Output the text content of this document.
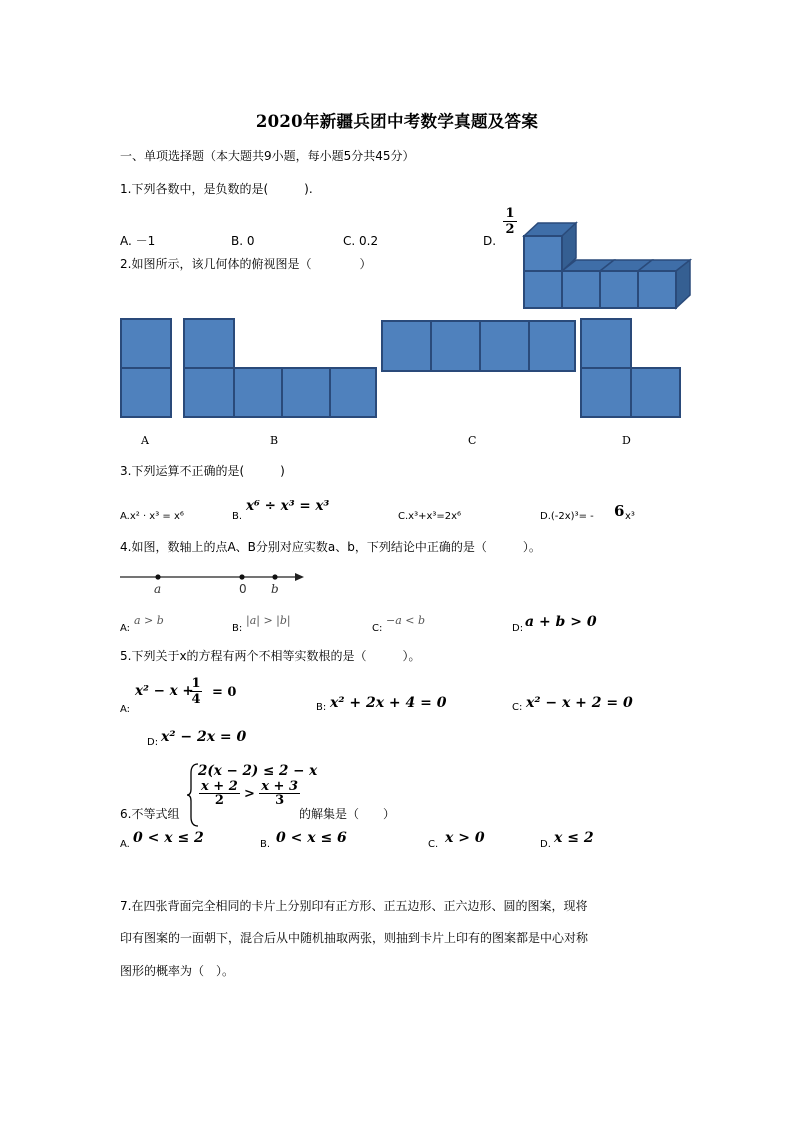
2020年新疆兵团中考数学真题及答案
一、单项选择题（本大题共9小题，每小题5分共45分）
1.下列各数中，是负数的是(　　　).
A. －1	B. 0	C. 0.2	D.
$\frac{1}{2}$
2.如图所示，该几何体的俯视图是（　　　　）
A	B	C	D
3.下列运算不正确的是(　　　)
A.x² · x³ = x⁶	B.
x⁶ ÷ x³ = x³
C.x³+x³=2x⁶	D.(-2x)³= - 6 x³
4.如图，数轴上的点A、B分别对应实数a、b，下列结论中正确的是（　　　）。
a	0 b
A:
a > b
B:
|a| > |b|
C:
−a < b
D: a + b > 0
5.下列关于x的方程有两个不相等实数根的是（　　　）。
A:
x² − x +
$\frac{1}{4} = 0$
B: x² + 2x + 4 = 0	C: x² − x + 2 = 0
D: x² − 2x = 0
6.不等式组
2(x − 2) ≤ 2 − x
$\frac{x + 2}{2} > \frac{x + 3}{3}$
的解集是（　　）
A. 0 < x ≤ 2	B. 0 < x ≤ 6	C. x > 0	D. x ≤ 2
7.在四张背面完全相同的卡片上分别印有正方形、正五边形、正六边形、圆的图案，现将
印有图案的一面朝下，混合后从中随机抽取两张，则抽到卡片上印有的图案都是中心对称
图形的概率为（　）。
